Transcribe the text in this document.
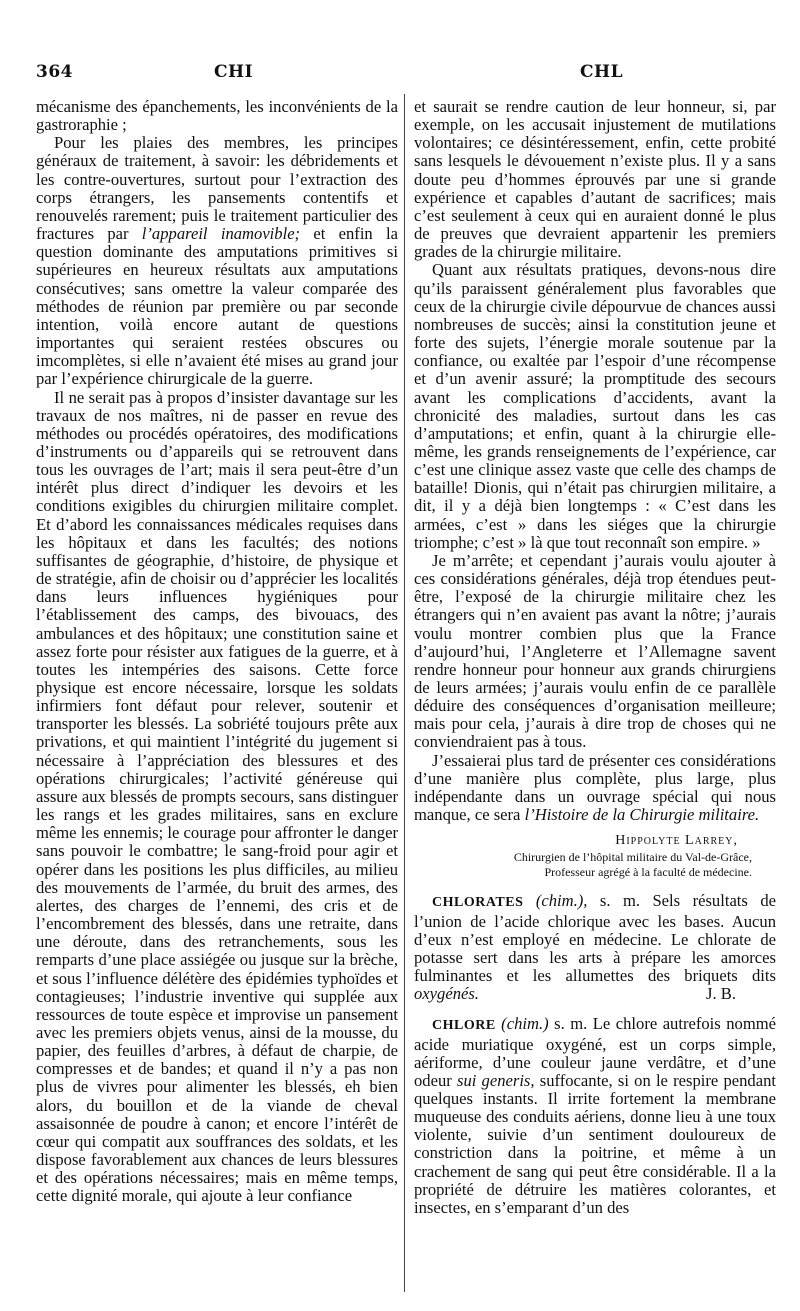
364	CHI	CHL

mécanisme des épanchements, les inconvénients de la gastroraphie ;

Pour les plaies des membres, les principes généraux de traitement, à savoir: les débridements et les contre-ouvertures, surtout pour l’extraction des corps étrangers, les pansements contentifs et renouvelés rarement; puis le traitement particulier des fractures par l’appareil inamovible; et enfin la question dominante des amputations primitives si supérieures en heureux résultats aux amputations consécutives; sans omettre la valeur comparée des méthodes de réunion par première ou par seconde intention, voilà encore autant de questions importantes qui seraient restées obscures ou imcomplètes, si elle n’avaient été mises au grand jour par l’expérience chirurgicale de la guerre.

Il ne serait pas à propos d’insister davantage sur les travaux de nos maîtres, ni de passer en revue des méthodes ou procédés opératoires, des modifications d’instruments ou d’appareils qui se retrouvent dans tous les ouvrages de l’art; mais il sera peut-être d’un intérêt plus direct d’indiquer les devoirs et les conditions exigibles du chirurgien militaire complet. Et d’abord les connaissances médicales requises dans les hôpitaux et dans les facultés; des notions suffisantes de géographie, d’histoire, de physique et de stratégie, afin de choisir ou d’apprécier les localités dans leurs influences hygiéniques pour l’établissement des camps, des bivouacs, des ambulances et des hôpitaux; une constitution saine et assez forte pour résister aux fatigues de la guerre, et à toutes les intempéries des saisons. Cette force physique est encore nécessaire, lorsque les soldats infirmiers font défaut pour relever, soutenir et transporter les blessés. La sobriété toujours prête aux privations, et qui maintient l’intégrité du jugement si nécessaire à l’appréciation des blessures et des opérations chirurgicales; l’activité généreuse qui assure aux blessés de prompts secours, sans distinguer les rangs et les grades militaires, sans en exclure même les ennemis; le courage pour affronter le danger sans pouvoir le combattre; le sang-froid pour agir et opérer dans les positions les plus difficiles, au milieu des mouvements de l’armée, du bruit des armes, des alertes, des charges de l’ennemi, des cris et de l’encombrement des blessés, dans une retraite, dans une déroute, dans des retranchements, sous les remparts d’une place assiégée ou jusque sur la brèche, et sous l’influence délétère des épidémies typhoïdes et contagieuses; l’industrie inventive qui supplée aux ressources de toute espèce et improvise un pansement avec les premiers objets venus, ainsi de la mousse, du papier, des feuilles d’arbres, à défaut de charpie, de compresses et de bandes; et quand il n’y a pas non plus de vivres pour alimenter les blessés, eh bien alors, du bouillon et de la viande de cheval assaisonnée de poudre à canon; et encore l’intérêt de cœur qui compatit aux souffrances des soldats, et les dispose favorablement aux chances de leurs blessures et des opérations nécessaires; mais en même temps, cette dignité morale, qui ajoute à leur confiance

et saurait se rendre caution de leur honneur, si, par exemple, on les accusait injustement de mutilations volontaires; ce désintéressement, enfin, cette probité sans lesquels le dévouement n’existe plus. Il y a sans doute peu d’hommes éprouvés par une si grande expérience et capables d’autant de sacrifices; mais c’est seulement à ceux qui en auraient donné le plus de preuves que devraient appartenir les premiers grades de la chirurgie militaire.

Quant aux résultats pratiques, devons-nous dire qu’ils paraissent généralement plus favorables que ceux de la chirurgie civile dépourvue de chances aussi nombreuses de succès; ainsi la constitution jeune et forte des sujets, l’énergie morale soutenue par la confiance, ou exaltée par l’espoir d’une récompense et d’un avenir assuré; la promptitude des secours avant les complications d’accidents, avant la chronicité des maladies, surtout dans les cas d’amputations; et enfin, quant à la chirurgie elle-même, les grands renseignements de l’expérience, car c’est une clinique assez vaste que celle des champs de bataille! Dionis, qui n’était pas chirurgien militaire, a dit, il y a déjà bien longtemps : « C’est dans les armées, c’est » dans les siéges que la chirurgie triomphe; c’est » là que tout reconnaît son empire. »

Je m’arrête; et cependant j’aurais voulu ajouter à ces considérations générales, déjà trop étendues peut-être, l’exposé de la chirurgie militaire chez les étrangers qui n’en avaient pas avant la nôtre; j’aurais voulu montrer combien plus que la France d’aujourd’hui, l’Angleterre et l’Allemagne savent rendre honneur pour honneur aux grands chirurgiens de leurs armées; j’aurais voulu enfin de ce parallèle déduire des conséquences d’organisation meilleure; mais pour cela, j’aurais à dire trop de choses qui ne conviendraient pas à tous.

J’essaierai plus tard de présenter ces considérations d’une manière plus complète, plus large, plus indépendante dans un ouvrage spécial qui nous manque, ce sera l’Histoire de la Chirurgie militaire.

Hippolyte Larrey,
Chirurgien de l’hôpital militaire du Val-de-Grâce,
Professeur agrégé à la faculté de médecine.

CHLORATES (chim.), s. m. Sels résultats de l’union de l’acide chlorique avec les bases. Aucun d’eux n’est employé en médecine. Le chlorate de potasse sert dans les arts à prépare les amorces fulminantes et les allumettes des briquets dits oxygénés.	J. B.

CHLORE (chim.) s. m. Le chlore autrefois nommé acide muriatique oxygéné, est un corps simple, aériforme, d’une couleur jaune verdâtre, et d’une odeur sui generis, suffocante, si on le respire pendant quelques instants. Il irrite fortement la membrane muqueuse des conduits aériens, donne lieu à une toux violente, suivie d’un sentiment douloureux de constriction dans la poitrine, et même à un crachement de sang qui peut être considérable. Il a la propriété de détruire les matières colorantes, et insectes, en s’emparant d’un des
